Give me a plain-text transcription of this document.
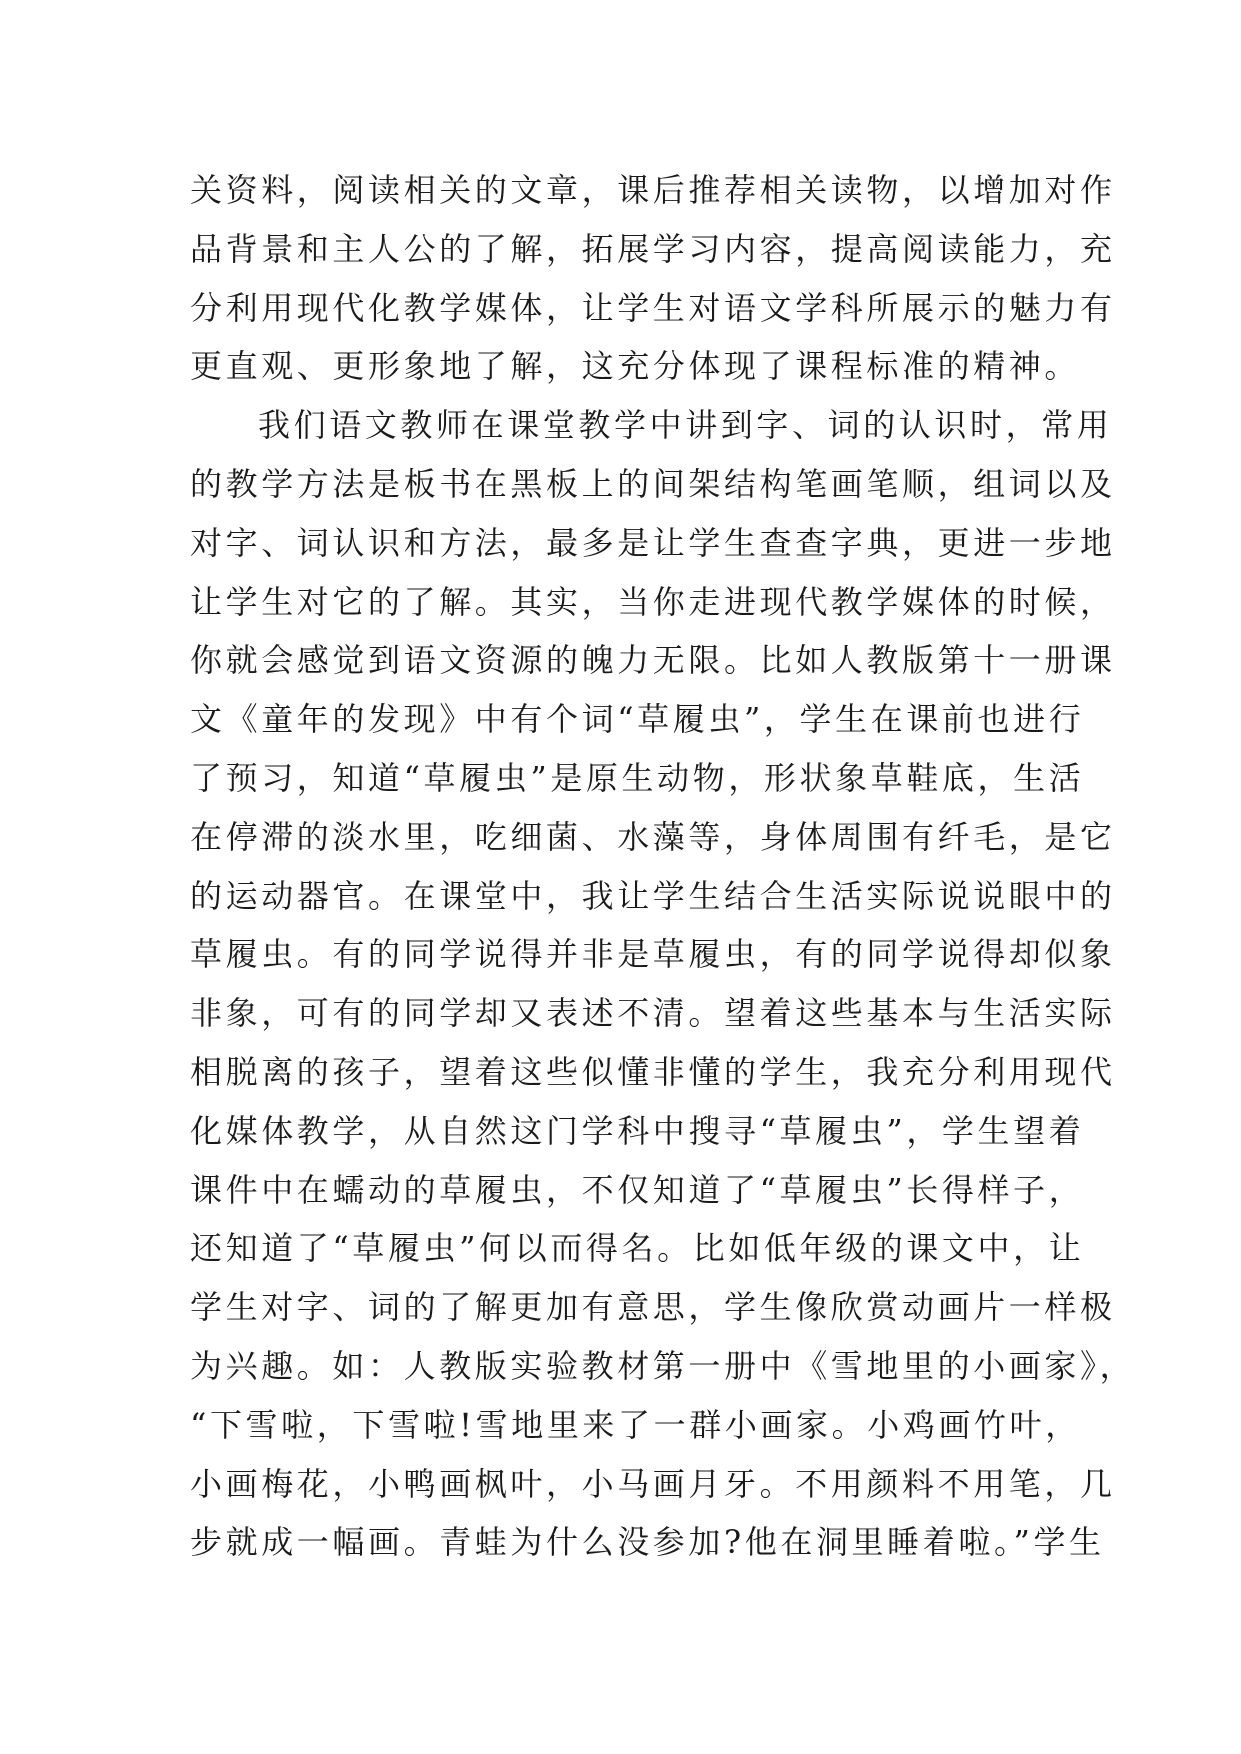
关资料，阅读相关的文章，课后推荐相关读物，以增加对作
品背景和主人公的了解，拓展学习内容，提高阅读能力，充
分利用现代化教学媒体，让学生对语文学科所展示的魅力有
更直观、更形象地了解，这充分体现了课程标准的精神。
我们语文教师在课堂教学中讲到字、词的认识时，常用
的教学方法是板书在黑板上的间架结构笔画笔顺，组词以及
对字、词认识和方法，最多是让学生查查字典，更进一步地
让学生对它的了解。其实，当你走进现代教学媒体的时候，
你就会感觉到语文资源的魄力无限。比如人教版第十一册课
文《童年的发现》中有个词“草履虫”，学生在课前也进行
了预习，知道“草履虫”是原生动物，形状象草鞋底，生活
在停滞的淡水里，吃细菌、水藻等，身体周围有纤毛，是它
的运动器官。在课堂中，我让学生结合生活实际说说眼中的
草履虫。有的同学说得并非是草履虫，有的同学说得却似象
非象，可有的同学却又表述不清。望着这些基本与生活实际
相脱离的孩子，望着这些似懂非懂的学生，我充分利用现代
化媒体教学，从自然这门学科中搜寻“草履虫”，学生望着
课件中在蠕动的草履虫，不仅知道了“草履虫”长得样子，
还知道了“草履虫”何以而得名。比如低年级的课文中，让
学生对字、词的了解更加有意思，学生像欣赏动画片一样极
为兴趣。如：人教版实验教材第一册中《雪地里的小画家》，
“下雪啦，下雪啦!雪地里来了一群小画家。小鸡画竹叶，
小画梅花，小鸭画枫叶，小马画月牙。不用颜料不用笔，几
步就成一幅画。青蛙为什么没参加?他在洞里睡着啦。”学生
